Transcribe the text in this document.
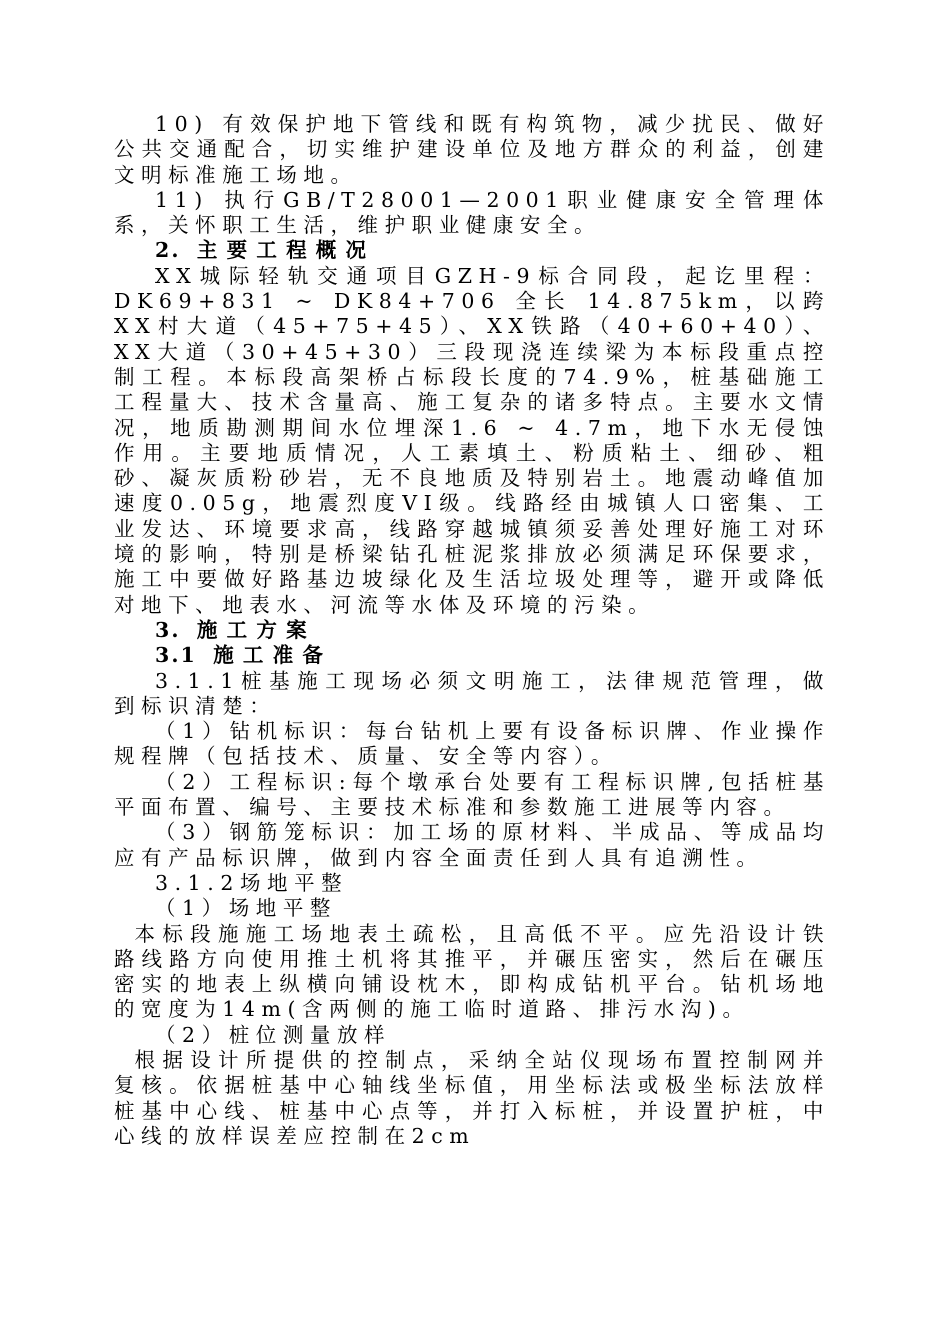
10) 有效保护地下管线和既有构筑物，减少扰民、做好公共交通配合，切实维护建设单位及地方群众的利益，创建文明标准施工场地。

11) 执行GB/T28001—2001职业健康安全管理体系，关怀职工生活，维护职业健康安全。

2. 主要工程概况

XX城际轻轨交通项目GZH-9标合同段，起讫里程：DK69+831 ~ DK84+706 全长 14.875km，以跨XX村大道（45+75+45）、XX铁路（40+60+40）、XX大道（30+45+30）三段现浇连续梁为本标段重点控制工程。本标段高架桥占标段长度的74.9%，桩基础施工工程量大、技术含量高、施工复杂的诸多特点。主要水文情况，地质勘测期间水位埋深1.6 ~ 4.7m，地下水无侵蚀作用。主要地质情况，人工素填土、粉质粘土、细砂、粗砂、凝灰质粉砂岩，无不良地质及特别岩土。地震动峰值加速度0.05g，地震烈度VI级。线路经由城镇人口密集、工业发达、环境要求高，线路穿越城镇须妥善处理好施工对环境的影响，特别是桥梁钻孔桩泥浆排放必须满足环保要求，施工中要做好路基边坡绿化及生活垃圾处理等，避开或降低对地下、地表水、河流等水体及环境的污染。

3. 施工方案

3.1 施工准备

3.1.1桩基施工现场必须文明施工，法律规范管理，做到标识清楚：

（1）钻机标识：每台钻机上要有设备标识牌、作业操作规程牌（包括技术、质量、安全等内容）。

（2）工程标识:每个墩承台处要有工程标识牌,包括桩基平面布置、编号、主要技术标准和参数施工进展等内容。

（3）钢筋笼标识：加工场的原材料、半成品、等成品均应有产品标识牌，做到内容全面责任到人具有追溯性。

3.1.2场地平整

（1）场地平整

本标段施施工场地表土疏松，且高低不平。应先沿设计铁路线路方向使用推土机将其推平，并碾压密实，然后在碾压密实的地表上纵横向铺设枕木，即构成钻机平台。钻机场地的宽度为14m(含两侧的施工临时道路、排污水沟)。

（2）桩位测量放样

根据设计所提供的控制点，采纳全站仪现场布置控制网并复核。依据桩基中心轴线坐标值，用坐标法或极坐标法放样桩基中心线、桩基中心点等，并打入标桩，并设置护桩，中心线的放样误差应控制在2cm
